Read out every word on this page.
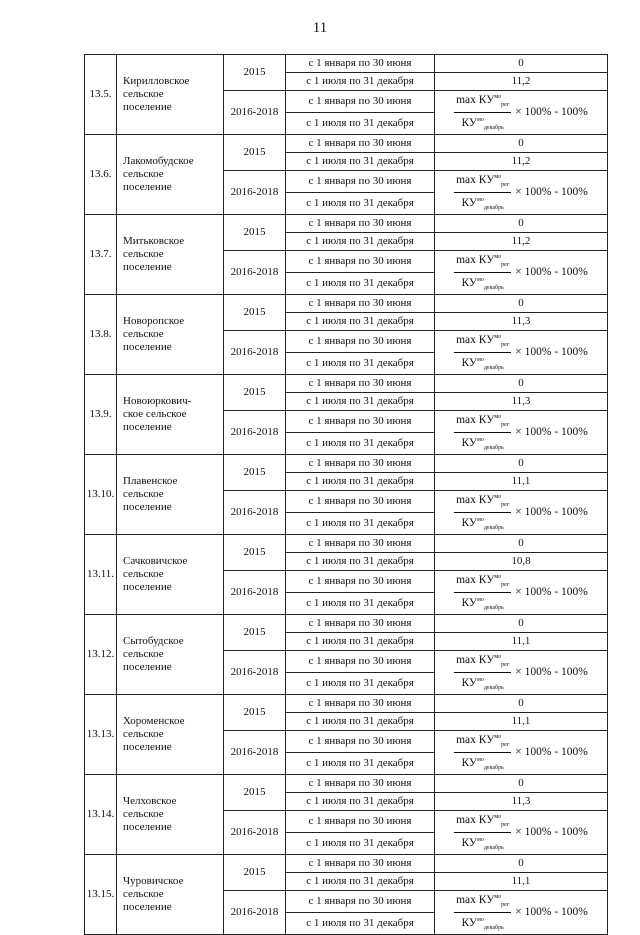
11
13.5.	Кирилловское
сельское
поселение	2015	с 1 января по 30 июня	0
			с 1 июля по 31 декабря	11,2
		2016-2018	с 1 января по 30 июня	$\frac{\max КУ^{мо}_{рег}}{КУ^{мо}_{декабрь}} \times 100\% - 100\%$

			с 1 июля по 31 декабря	
13.6.	Лакомобудское
сельское
поселение	2015	с 1 января по 30 июня	0
			с 1 июля по 31 декабря	11,2
		2016-2018	с 1 января по 30 июня	$\frac{\max КУ^{мо}_{рег}}{КУ^{мо}_{декабрь}} \times 100\% - 100\%$

			с 1 июля по 31 декабря	
13.7.	Митьковское
сельское
поселение	2015	с 1 января по 30 июня	0
			с 1 июля по 31 декабря	11,2
		2016-2018	с 1 января по 30 июня	$\frac{\max КУ^{мо}_{рег}}{КУ^{мо}_{декабрь}} \times 100\% - 100\%$

			с 1 июля по 31 декабря	
13.8.	Новоропское
сельское
поселение	2015	с 1 января по 30 июня	0
			с 1 июля по 31 декабря	11,3
		2016-2018	с 1 января по 30 июня	$\frac{\max КУ^{мо}_{рег}}{КУ^{мо}_{декабрь}} \times 100\% - 100\%$

			с 1 июля по 31 декабря	
13.9.	Новоюркович-
ское сельское
поселение	2015	с 1 января по 30 июня	0
			с 1 июля по 31 декабря	11,3
		2016-2018	с 1 января по 30 июня	$\frac{\max КУ^{мо}_{рег}}{КУ^{мо}_{декабрь}} \times 100\% - 100\%$

			с 1 июля по 31 декабря	
13.10.	Плавенское
сельское
поселение	2015	с 1 января по 30 июня	0
			с 1 июля по 31 декабря	11,1
		2016-2018	с 1 января по 30 июня	$\frac{\max КУ^{мо}_{рег}}{КУ^{мо}_{декабрь}} \times 100\% - 100\%$

			с 1 июля по 31 декабря	
13.11.	Сачковичское
сельское
поселение	2015	с 1 января по 30 июня	0
			с 1 июля по 31 декабря	10,8
		2016-2018	с 1 января по 30 июня	$\frac{\max КУ^{мо}_{рег}}{КУ^{мо}_{декабрь}} \times 100\% - 100\%$

			с 1 июля по 31 декабря	
13.12.	Сытобудское
сельское
поселение	2015	с 1 января по 30 июня	0
			с 1 июля по 31 декабря	11,1
		2016-2018	с 1 января по 30 июня	$\frac{\max КУ^{мо}_{рег}}{КУ^{мо}_{декабрь}} \times 100\% - 100\%$

			с 1 июля по 31 декабря	
13.13.	Хороменское
сельское
поселение	2015	с 1 января по 30 июня	0
			с 1 июля по 31 декабря	11,1
		2016-2018	с 1 января по 30 июня	$\frac{\max КУ^{мо}_{рег}}{КУ^{мо}_{декабрь}} \times 100\% - 100\%$

			с 1 июля по 31 декабря	
13.14.	Челховское
сельское
поселение	2015	с 1 января по 30 июня	0
			с 1 июля по 31 декабря	11,3
		2016-2018	с 1 января по 30 июня	$\frac{\max КУ^{мо}_{рег}}{КУ^{мо}_{декабрь}} \times 100\% - 100\%$

			с 1 июля по 31 декабря	
13.15.	Чуровичское
сельское
поселение	2015	с 1 января по 30 июня	0
			с 1 июля по 31 декабря	11,1
		2016-2018	с 1 января по 30 июня	$\frac{\max КУ^{мо}_{рег}}{КУ^{мо}_{декабрь}} \times 100\% - 100\%$

			с 1 июля по 31 декабря	
